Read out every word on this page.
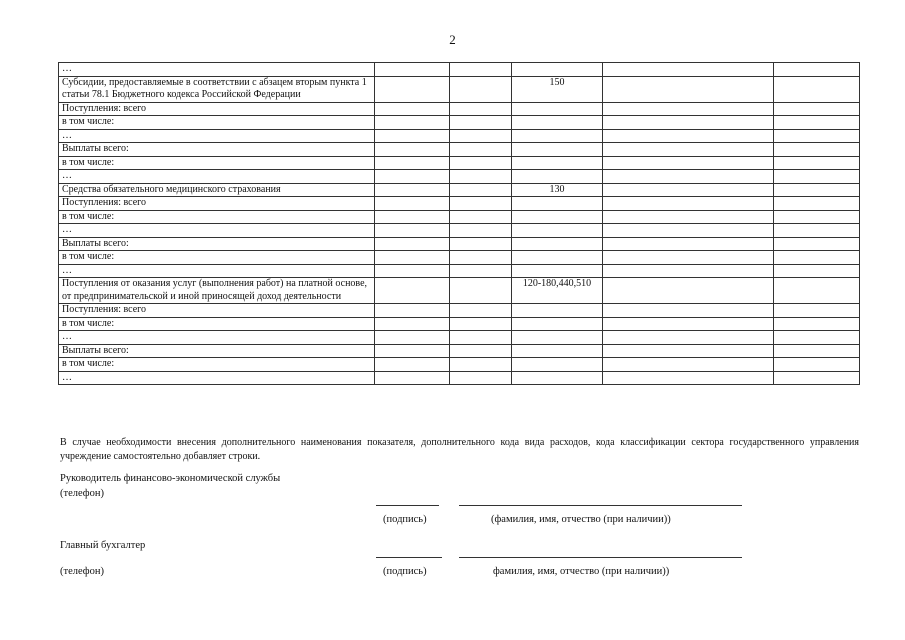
2
…					
Субсидии, предоставляемые в соответствии с абзацем вторым пункта 1 статьи 78.1 Бюджетного кодекса Российской Федерации			150		
Поступления: всего					
в том числе:					
…					
Выплаты всего:					
в том числе:					
…					
Средства обязательного медицинского страхования			130		
Поступления: всего					
в том числе:					
…					
Выплаты всего:					
в том числе:					
…					
Поступления от оказания услуг (выполнения работ) на платной основе, от предпринимательской и иной приносящей доход деятельности			120-180,440,510		
Поступления: всего					
в том числе:					
…					
Выплаты всего:					
в том числе:					
…					
В случае необходимости внесения дополнительного наименования показателя, дополнительного кода вида расходов, кода классификации сектора государственного управления учреждение самостоятельно добавляет строки.
Руководитель финансово-экономической службы
(телефон)
(подпись)	(фамилия, имя, отчество (при наличии))
Главный бухгалтер
(телефон)	(подпись)	фамилия, имя, отчество (при наличии))
